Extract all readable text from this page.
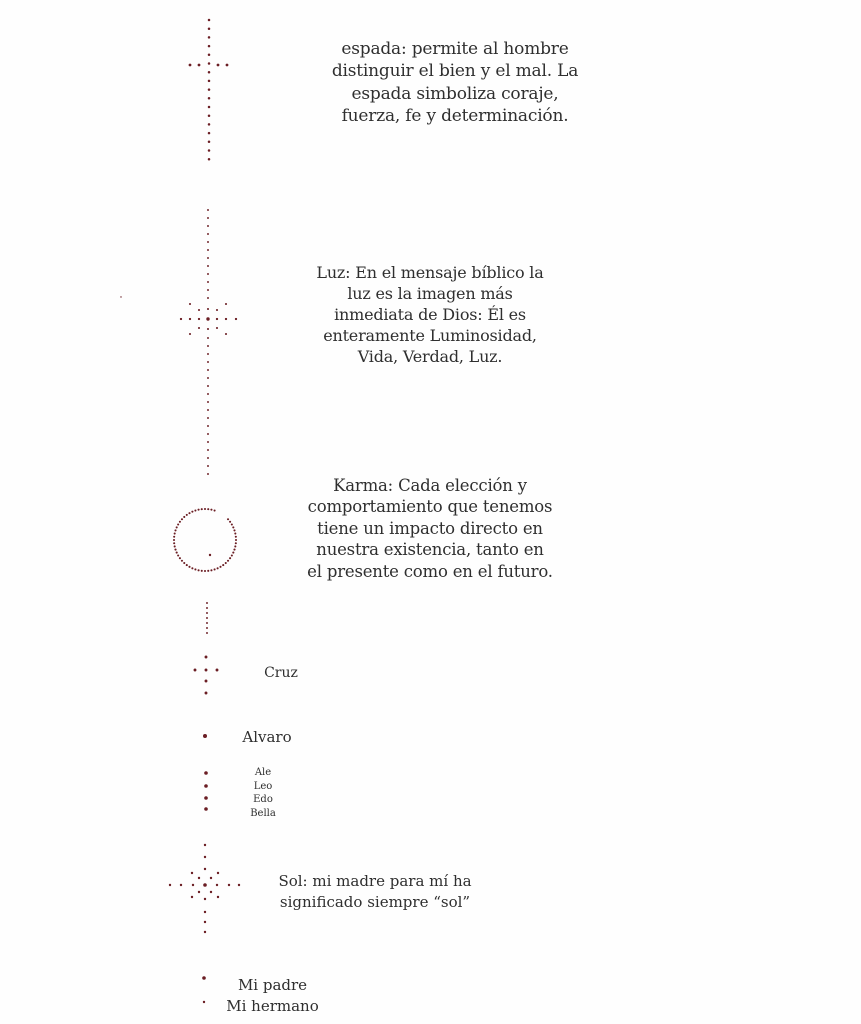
espada: permite al hombre
distinguir el bien y el mal. La
espada simboliza coraje,
fuerza, fe y determinación.
Luz: En el mensaje bíblico la
luz es la imagen más
inmediata de Dios: Él es
enteramente Luminosidad,
Vida, Verdad, Luz.
Karma: Cada elección y
comportamiento que tenemos
tiene un impacto directo en
nuestra existencia, tanto en
el presente como en el futuro.
Cruz
Alvaro
Ale
Leo
Edo
Bella
Sol: mi madre para mí ha
significado siempre “sol”
Mi padre
Mi hermano
